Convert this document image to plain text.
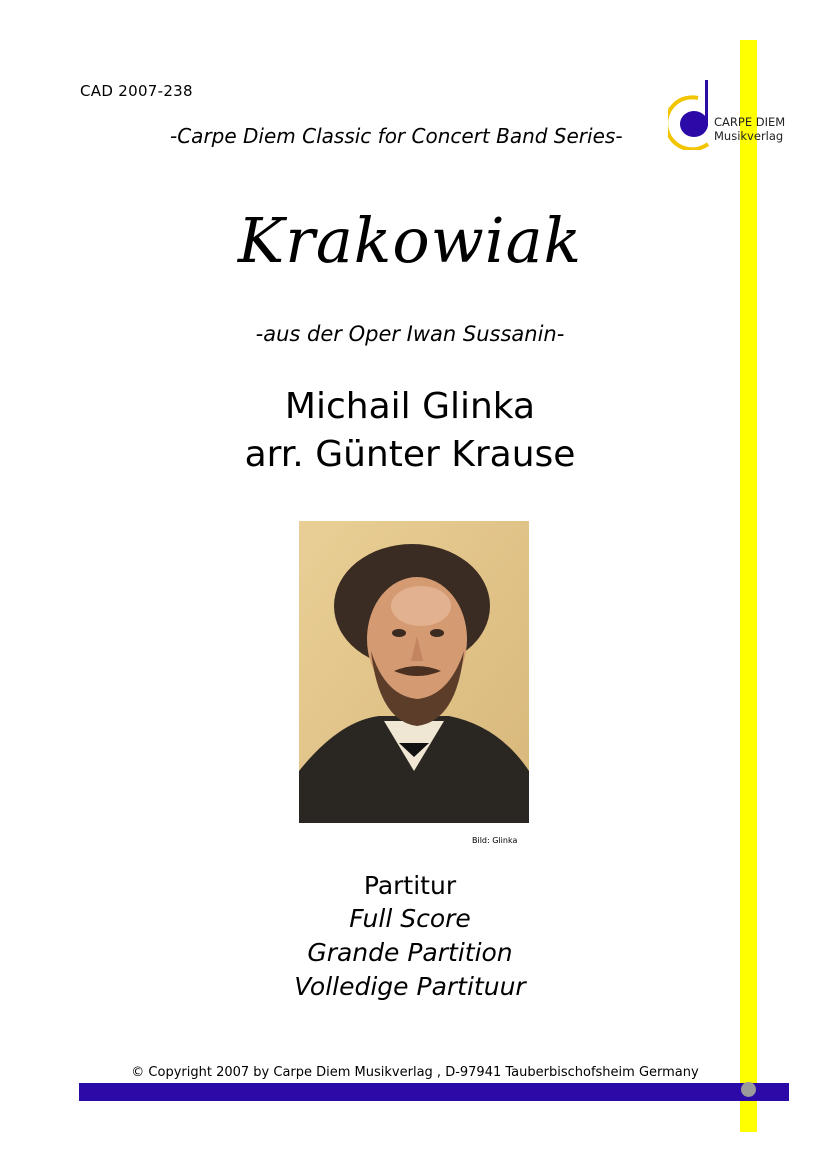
CAD 2007-238
-Carpe Diem Classic for Concert Band Series-
CARPE DIEM
Musikverlag
Krakowiak
-aus der Oper Iwan Sussanin-
Michail Glinka
arr. Günter Krause
Bild: Glinka
Partitur
Full Score
Grande Partition
Volledige Partituur
© Copyright 2007 by Carpe Diem Musikverlag , D-97941 Tauberbischofsheim Germany
